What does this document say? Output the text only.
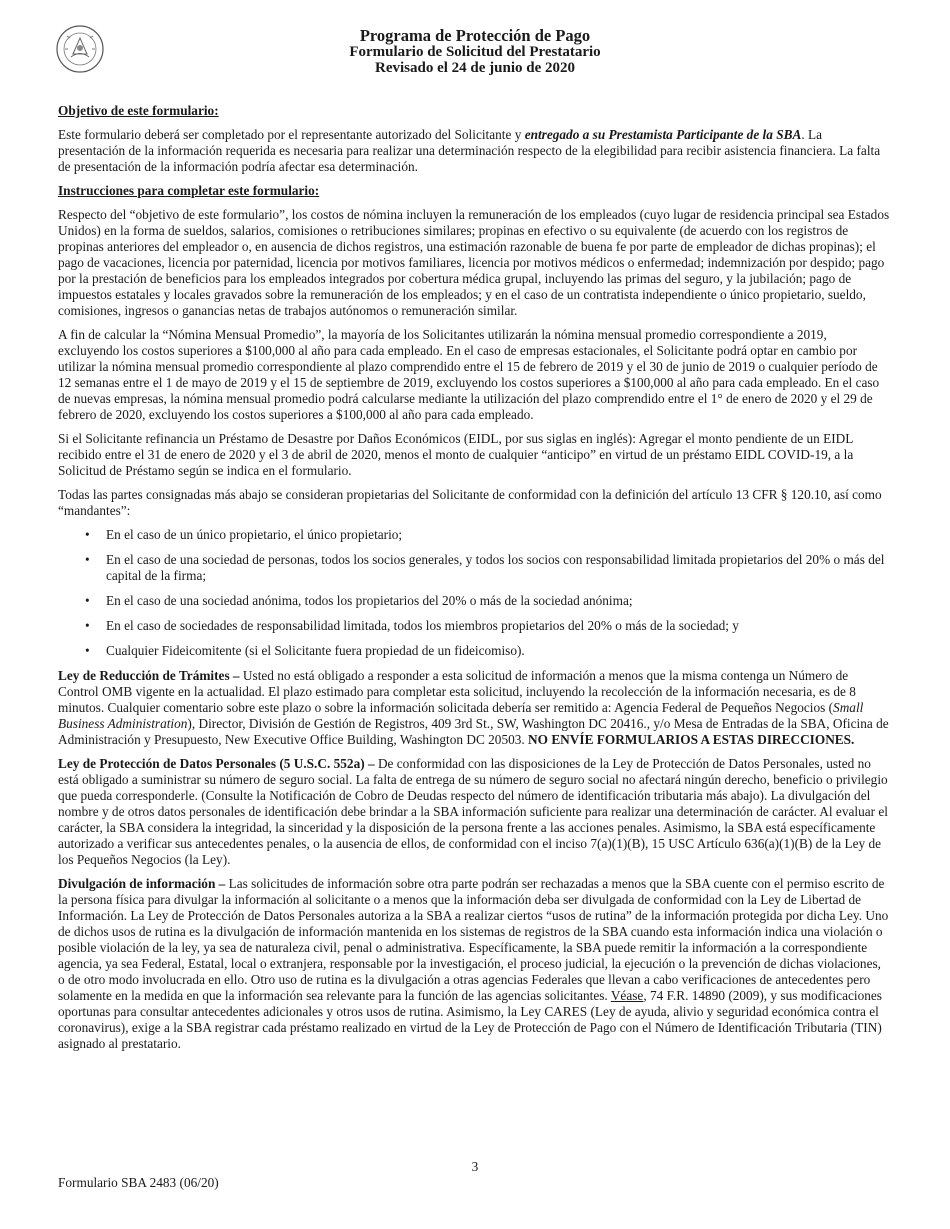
Programa de Protección de Pago
Formulario de Solicitud del Prestatario
Revisado el 24 de junio de 2020
Objetivo de este formulario:

Este formulario deberá ser completado por el representante autorizado del Solicitante y entregado a su Prestamista Participante de la SBA. La presentación de la información requerida es necesaria para realizar una determinación respecto de la elegibilidad para recibir asistencia financiera. La falta de presentación de la información podría afectar esa determinación.

Instrucciones para completar este formulario:

Respecto del “objetivo de este formulario”, los costos de nómina incluyen la remuneración de los empleados (cuyo lugar de residencia principal sea Estados Unidos) en la forma de sueldos, salarios, comisiones o retribuciones similares; propinas en efectivo o su equivalente (de acuerdo con los registros de propinas anteriores del empleador o, en ausencia de dichos registros, una estimación razonable de buena fe por parte de empleador de dichas propinas); el pago de vacaciones, licencia por paternidad, licencia por motivos familiares, licencia por motivos médicos o enfermedad; indemnización por despido; pago por la prestación de beneficios para los empleados integrados por cobertura médica grupal, incluyendo las primas del seguro, y la jubilación; pago de impuestos estatales y locales gravados sobre la remuneración de los empleados; y en el caso de un contratista independiente o único propietario, sueldo, comisiones, ingresos o ganancias netas de trabajos autónomos o remuneración similar.

A fin de calcular la “Nómina Mensual Promedio”, la mayoría de los Solicitantes utilizarán la nómina mensual promedio correspondiente a 2019, excluyendo los costos superiores a $100,000 al año para cada empleado. En el caso de empresas estacionales, el Solicitante podrá optar en cambio por utilizar la nómina mensual promedio correspondiente al plazo comprendido entre el 15 de febrero de 2019 y el 30 de junio de 2019 o cualquier período de 12 semanas entre el 1 de mayo de 2019 y el 15 de septiembre de 2019, excluyendo los costos superiores a $100,000 al año para cada empleado. En el caso de nuevas empresas, la nómina mensual promedio podrá calcularse mediante la utilización del plazo comprendido entre el 1° de enero de 2020 y el 29 de febrero de 2020, excluyendo los costos superiores a $100,000 al año para cada empleado.

Si el Solicitante refinancia un Préstamo de Desastre por Daños Económicos (EIDL, por sus siglas en inglés): Agregar el monto pendiente de un EIDL recibido entre el 31 de enero de 2020 y el 3 de abril de 2020, menos el monto de cualquier “anticipo” en virtud de un préstamo EIDL COVID-19, a la Solicitud de Préstamo según se indica en el formulario.

Todas las partes consignadas más abajo se consideran propietarias del Solicitante de conformidad con la definición del artículo 13 CFR § 120.10, así como “mandantes”:

• En el caso de un único propietario, el único propietario;
• En el caso de una sociedad de personas, todos los socios generales, y todos los socios con responsabilidad limitada propietarios del 20% o más del capital de la firma;
• En el caso de una sociedad anónima, todos los propietarios del 20% o más de la sociedad anónima;
• En el caso de sociedades de responsabilidad limitada, todos los miembros propietarios del 20% o más de la sociedad; y
• Cualquier Fideicomitente (si el Solicitante fuera propiedad de un fideicomiso).

Ley de Reducción de Trámites – Usted no está obligado a responder a esta solicitud de información a menos que la misma contenga un Número de Control OMB vigente en la actualidad. El plazo estimado para completar esta solicitud, incluyendo la recolección de la información necesaria, es de 8 minutos. Cualquier comentario sobre este plazo o sobre la información solicitada debería ser remitido a: Agencia Federal de Pequeños Negocios (Small Business Administration), Director, División de Gestión de Registros, 409 3rd St., SW, Washington DC 20416., y/o Mesa de Entradas de la SBA, Oficina de Administración y Presupuesto, New Executive Office Building, Washington DC 20503. NO ENVÍE FORMULARIOS A ESTAS DIRECCIONES.

Ley de Protección de Datos Personales (5 U.S.C. 552a) – De conformidad con las disposiciones de la Ley de Protección de Datos Personales, usted no está obligado a suministrar su número de seguro social. La falta de entrega de su número de seguro social no afectará ningún derecho, beneficio o privilegio que pueda corresponderle. (Consulte la Notificación de Cobro de Deudas respecto del número de identificación tributaria más abajo). La divulgación del nombre y de otros datos personales de identificación debe brindar a la SBA información suficiente para realizar una determinación de carácter. Al evaluar el carácter, la SBA considera la integridad, la sinceridad y la disposición de la persona frente a las acciones penales. Asimismo, la SBA está específicamente autorizado a verificar sus antecedentes penales, o la ausencia de ellos, de conformidad con el inciso 7(a)(1)(B), 15 USC Artículo 636(a)(1)(B) de la Ley de los Pequeños Negocios (la Ley).

Divulgación de información – Las solicitudes de información sobre otra parte podrán ser rechazadas a menos que la SBA cuente con el permiso escrito de la persona física para divulgar la información al solicitante o a menos que la información deba ser divulgada de conformidad con la Ley de Libertad de Información. La Ley de Protección de Datos Personales autoriza a la SBA a realizar ciertos “usos de rutina” de la información protegida por dicha Ley. Uno de dichos usos de rutina es la divulgación de información mantenida en los sistemas de registros de la SBA cuando esta información indica una violación o posible violación de la ley, ya sea de naturaleza civil, penal o administrativa. Específicamente, la SBA puede remitir la información a la correspondiente agencia, ya sea Federal, Estatal, local o extranjera, responsable por la investigación, el proceso judicial, la ejecución o la prevención de dichas violaciones, o de otro modo involucrada en ello. Otro uso de rutina es la divulgación a otras agencias Federales que llevan a cabo verificaciones de antecedentes pero solamente en la medida en que la información sea relevante para la función de las agencias solicitantes. Véase, 74 F.R. 14890 (2009), y sus modificaciones oportunas para consultar antecedentes adicionales y otros usos de rutina. Asimismo, la Ley CARES (Ley de ayuda, alivio y seguridad económica contra el coronavirus), exige a la SBA registrar cada préstamo realizado en virtud de la Ley de Protección de Pago con el Número de Identificación Tributaria (TIN) asignado al prestatario.

3
Formulario SBA 2483 (06/20)
